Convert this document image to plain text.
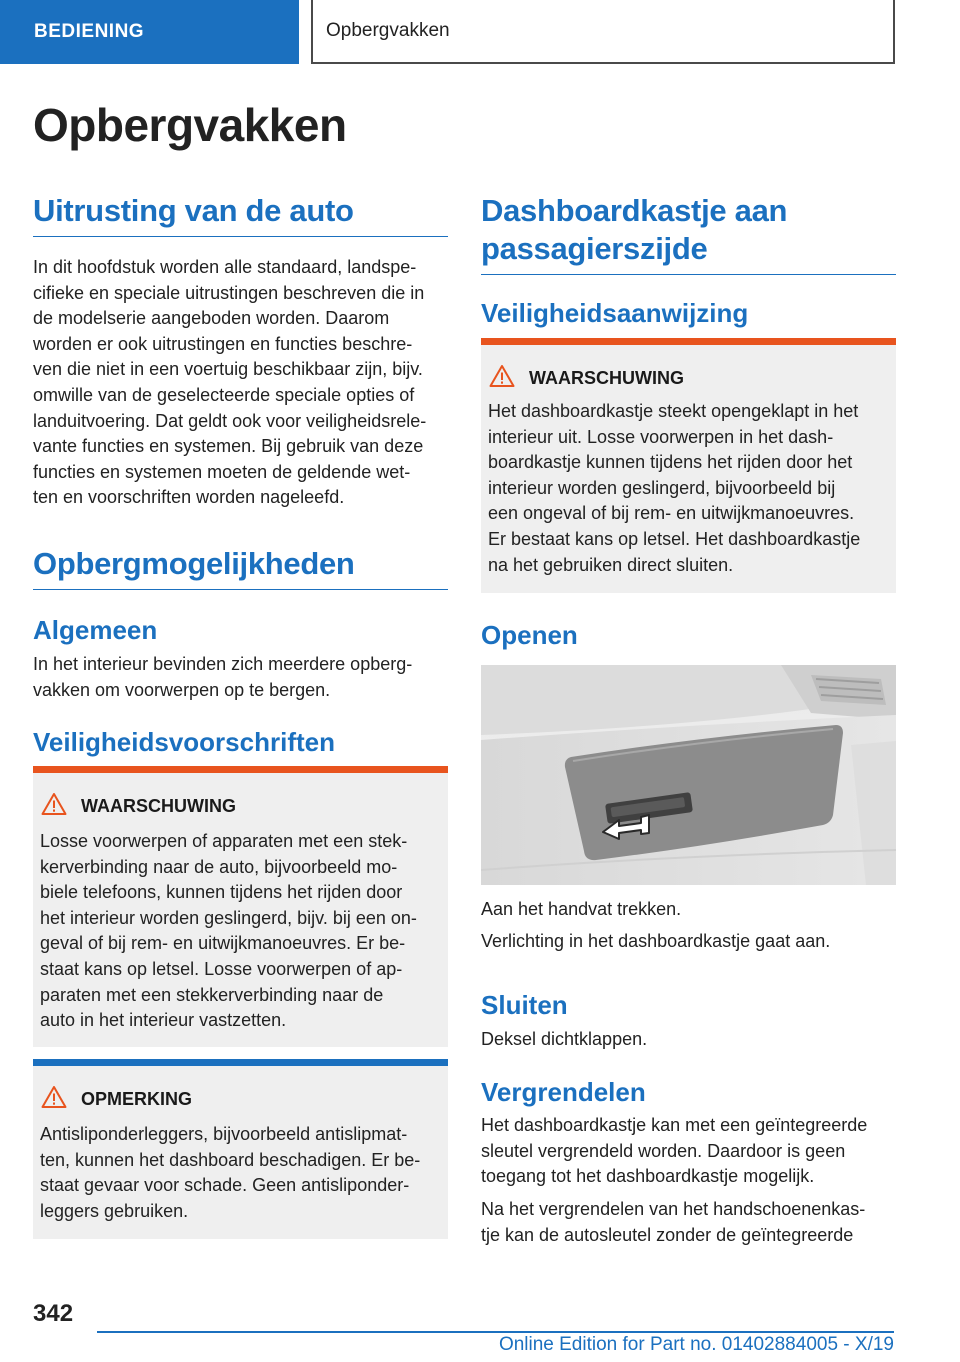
BEDIENING	Opbergvakken
Opbergvakken
Uitrusting van de auto
In dit hoofdstuk worden alle standaard, landspe-
cifieke en speciale uitrustingen beschreven die in
de modelserie aangeboden worden. Daarom
worden er ook uitrustingen en functies beschre-
ven die niet in een voertuig beschikbaar zijn, bijv.
omwille van de geselecteerde speciale opties of
landuitvoering. Dat geldt ook voor veiligheidsrele-
vante functies en systemen. Bij gebruik van deze
functies en systemen moeten de geldende wet-
ten en voorschriften worden nageleefd.
Opbergmogelijkheden
Algemeen
In het interieur bevinden zich meerdere opberg-
vakken om voorwerpen op te bergen.
Veiligheidsvoorschriften
WAARSCHUWING
Losse voorwerpen of apparaten met een stek-
kerverbinding naar de auto, bijvoorbeeld mo-
biele telefoons, kunnen tijdens het rijden door
het interieur worden geslingerd, bijv. bij een on-
geval of bij rem- en uitwijkmanoeuvres. Er be-
staat kans op letsel. Losse voorwerpen of ap-
paraten met een stekkerverbinding naar de
auto in het interieur vastzetten.
OPMERKING
Antisliponderleggers, bijvoorbeeld antislipmat-
ten, kunnen het dashboard beschadigen. Er be-
staat gevaar voor schade. Geen antisliponder-
leggers gebruiken.
Dashboardkastje aan
passagierszijde
Veiligheidsaanwijzing
WAARSCHUWING
Het dashboardkastje steekt opengeklapt in het
interieur uit. Losse voorwerpen in het dash-
boardkastje kunnen tijdens het rijden door het
interieur worden geslingerd, bijvoorbeeld bij
een ongeval of bij rem- en uitwijkmanoeuvres.
Er bestaat kans op letsel. Het dashboardkastje
na het gebruiken direct sluiten.
Openen
Aan het handvat trekken.
Verlichting in het dashboardkastje gaat aan.
Sluiten
Deksel dichtklappen.
Vergrendelen
Het dashboardkastje kan met een geïntegreerde
sleutel vergrendeld worden. Daardoor is geen
toegang tot het dashboardkastje mogelijk.
Na het vergrendelen van het handschoenenkas-
tje kan de autosleutel zonder de geïntegreerde
342
Online Edition for Part no. 01402884005 - X/19
